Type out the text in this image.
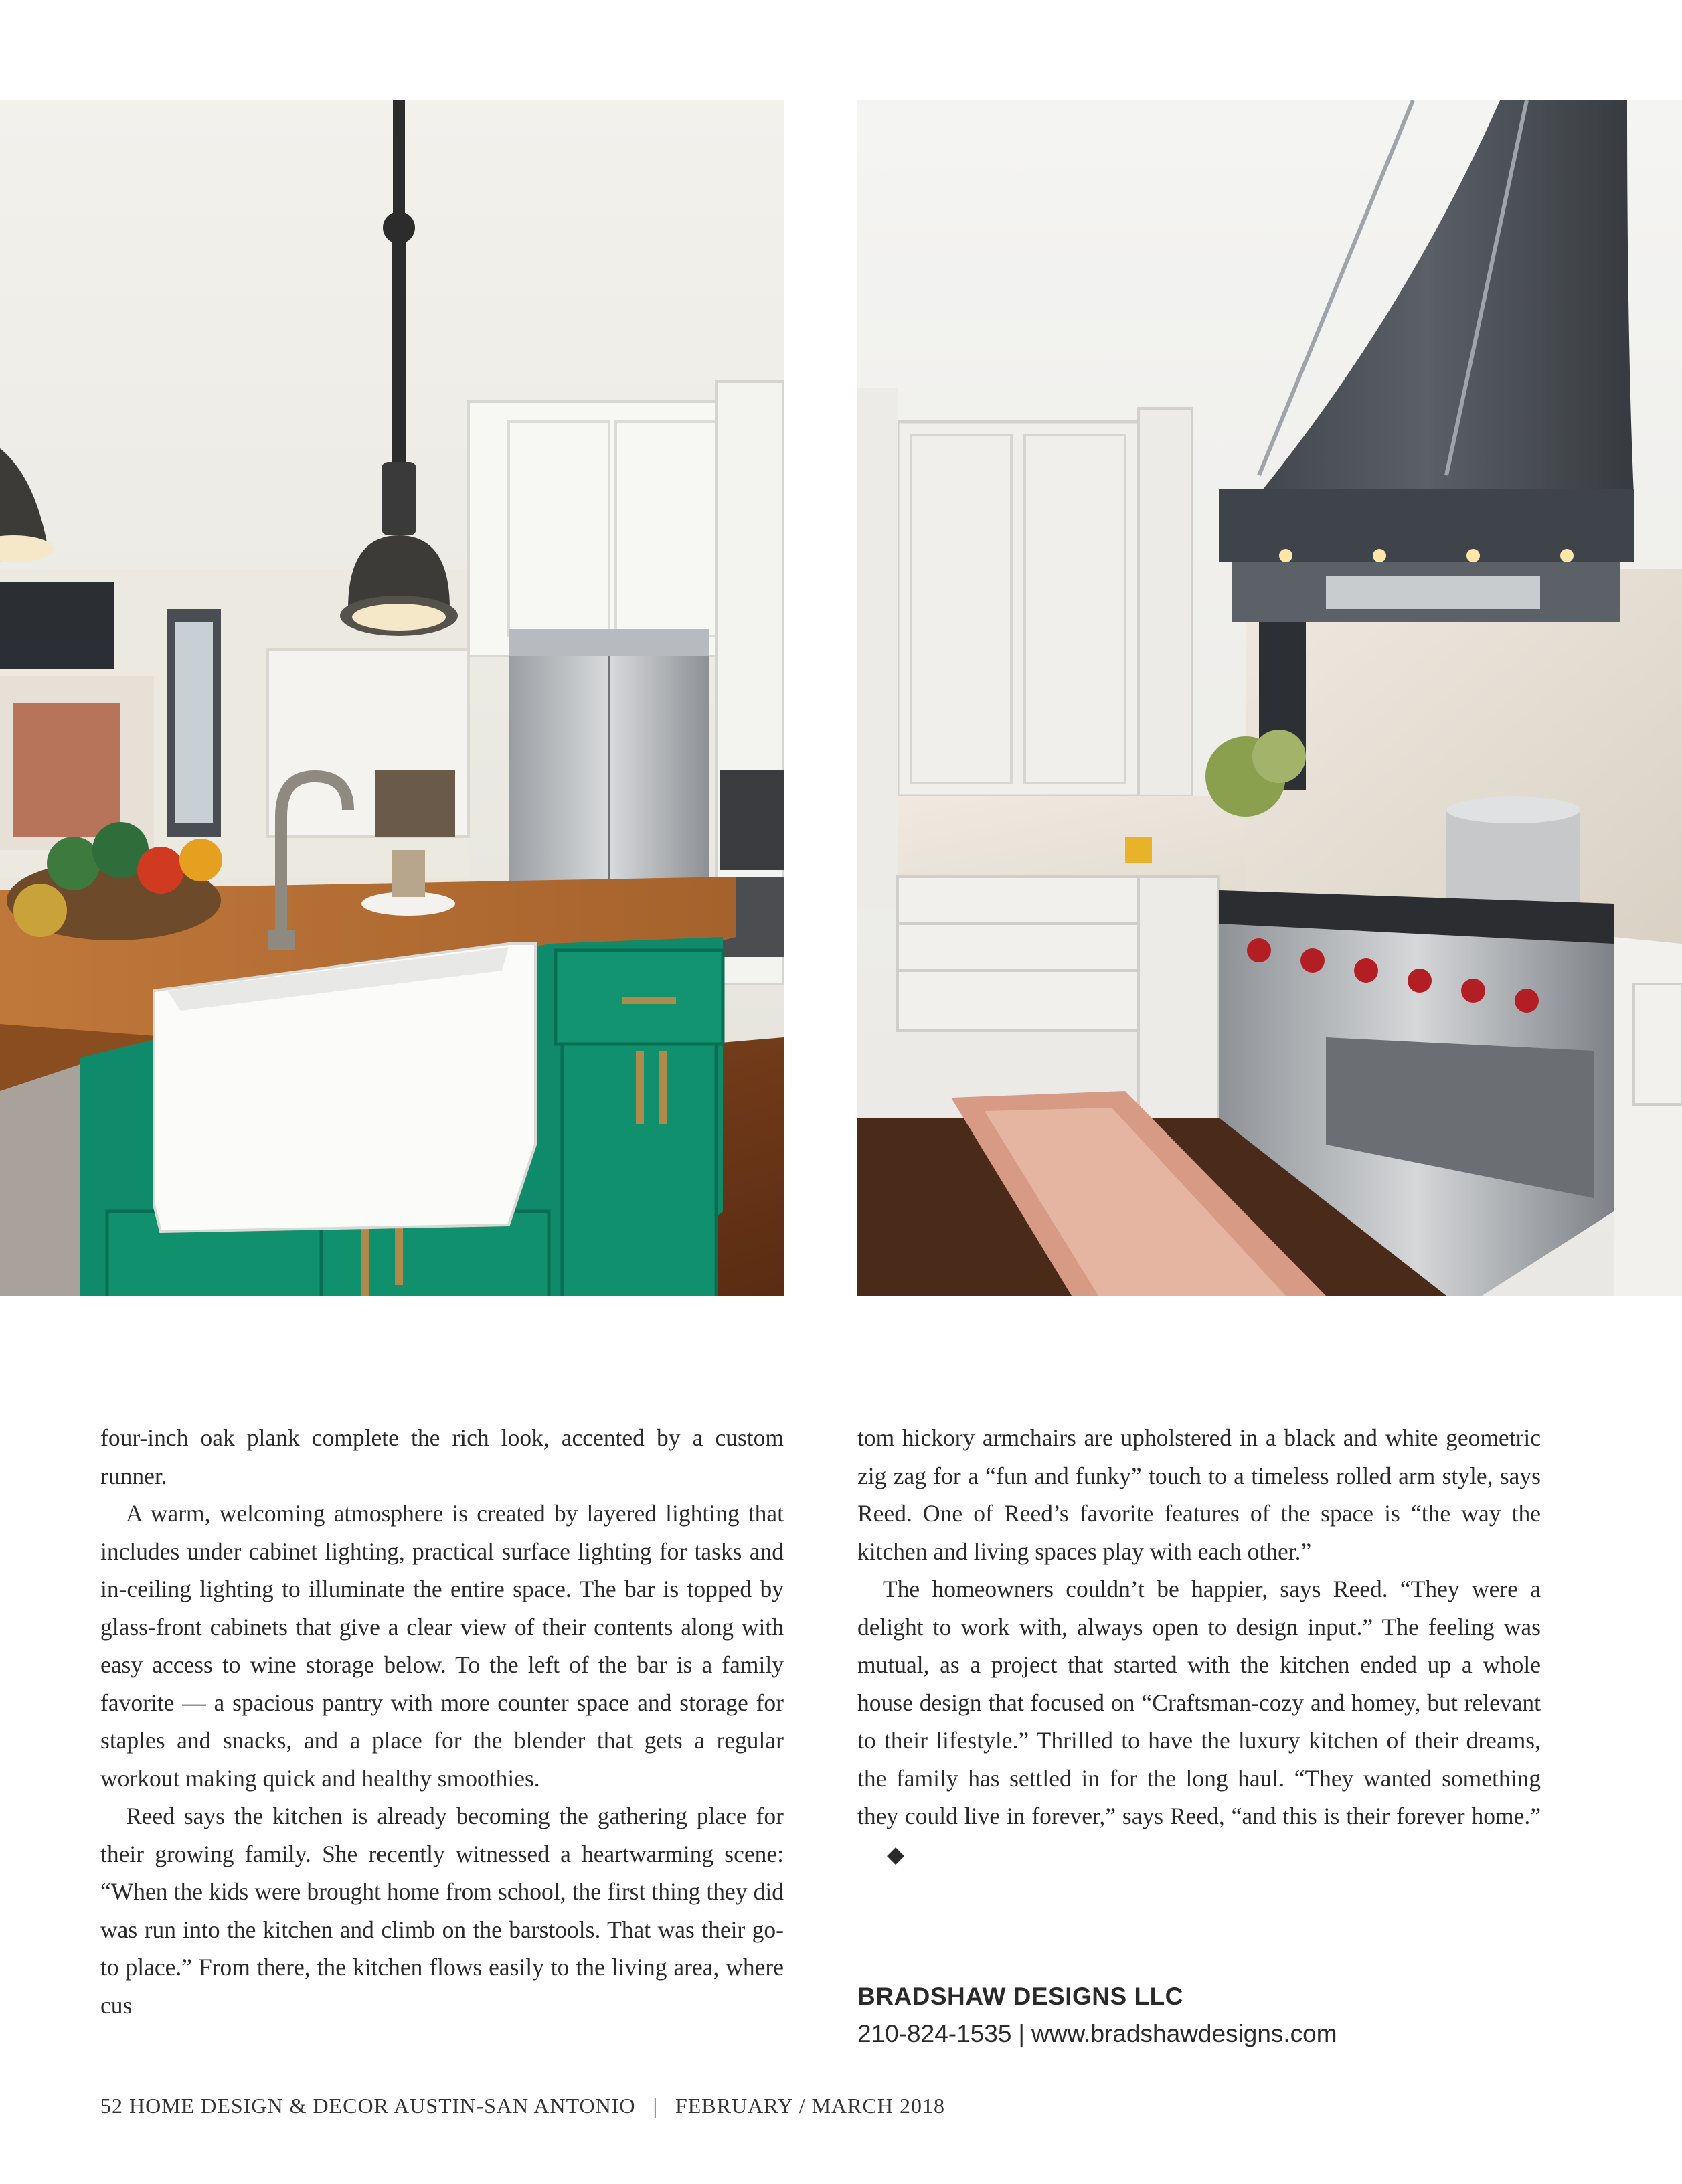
four-inch oak plank complete the rich look, accented by a custom runner.

A warm, welcoming atmosphere is created by layered lighting that includes under cabinet lighting, practical surface lighting for tasks and in-ceiling lighting to illuminate the entire space. The bar is topped by glass-front cabinets that give a clear view of their contents along with easy access to wine storage below. To the left of the bar is a family favorite — a spacious pantry with more counter space and storage for staples and snacks, and a place for the blender that gets a regular workout making quick and healthy smoothies.

Reed says the kitchen is already becoming the gathering place for their growing family. She recently witnessed a heartwarming scene: “When the kids were brought home from school, the first thing they did was run into the kitchen and climb on the barstools. That was their go-to place.” From there, the kitchen flows easily to the living area, where cus

tom hickory armchairs are upholstered in a black and white geometric zig zag for a “fun and funky” touch to a timeless rolled arm style, says Reed. One of Reed’s favorite features of the space is “the way the kitchen and living spaces play with each other.”

The homeowners couldn’t be happier, says Reed. “They were a delight to work with, always open to design input.” The feeling was mutual, as a project that started with the kitchen ended up a whole house design that focused on “Craftsman-cozy and homey, but relevant to their lifestyle.” Thrilled to have the luxury kitchen of their dreams, the family has settled in for the long haul. “They wanted something they could live in forever,” says Reed, “and this is their forever home.”◆

BRADSHAW DESIGNS LLC
210-824-1535 | www.bradshawdesigns.com
52 HOME DESIGN & DECOR AUSTIN-SAN ANTONIO | FEBRUARY / MARCH 2018
